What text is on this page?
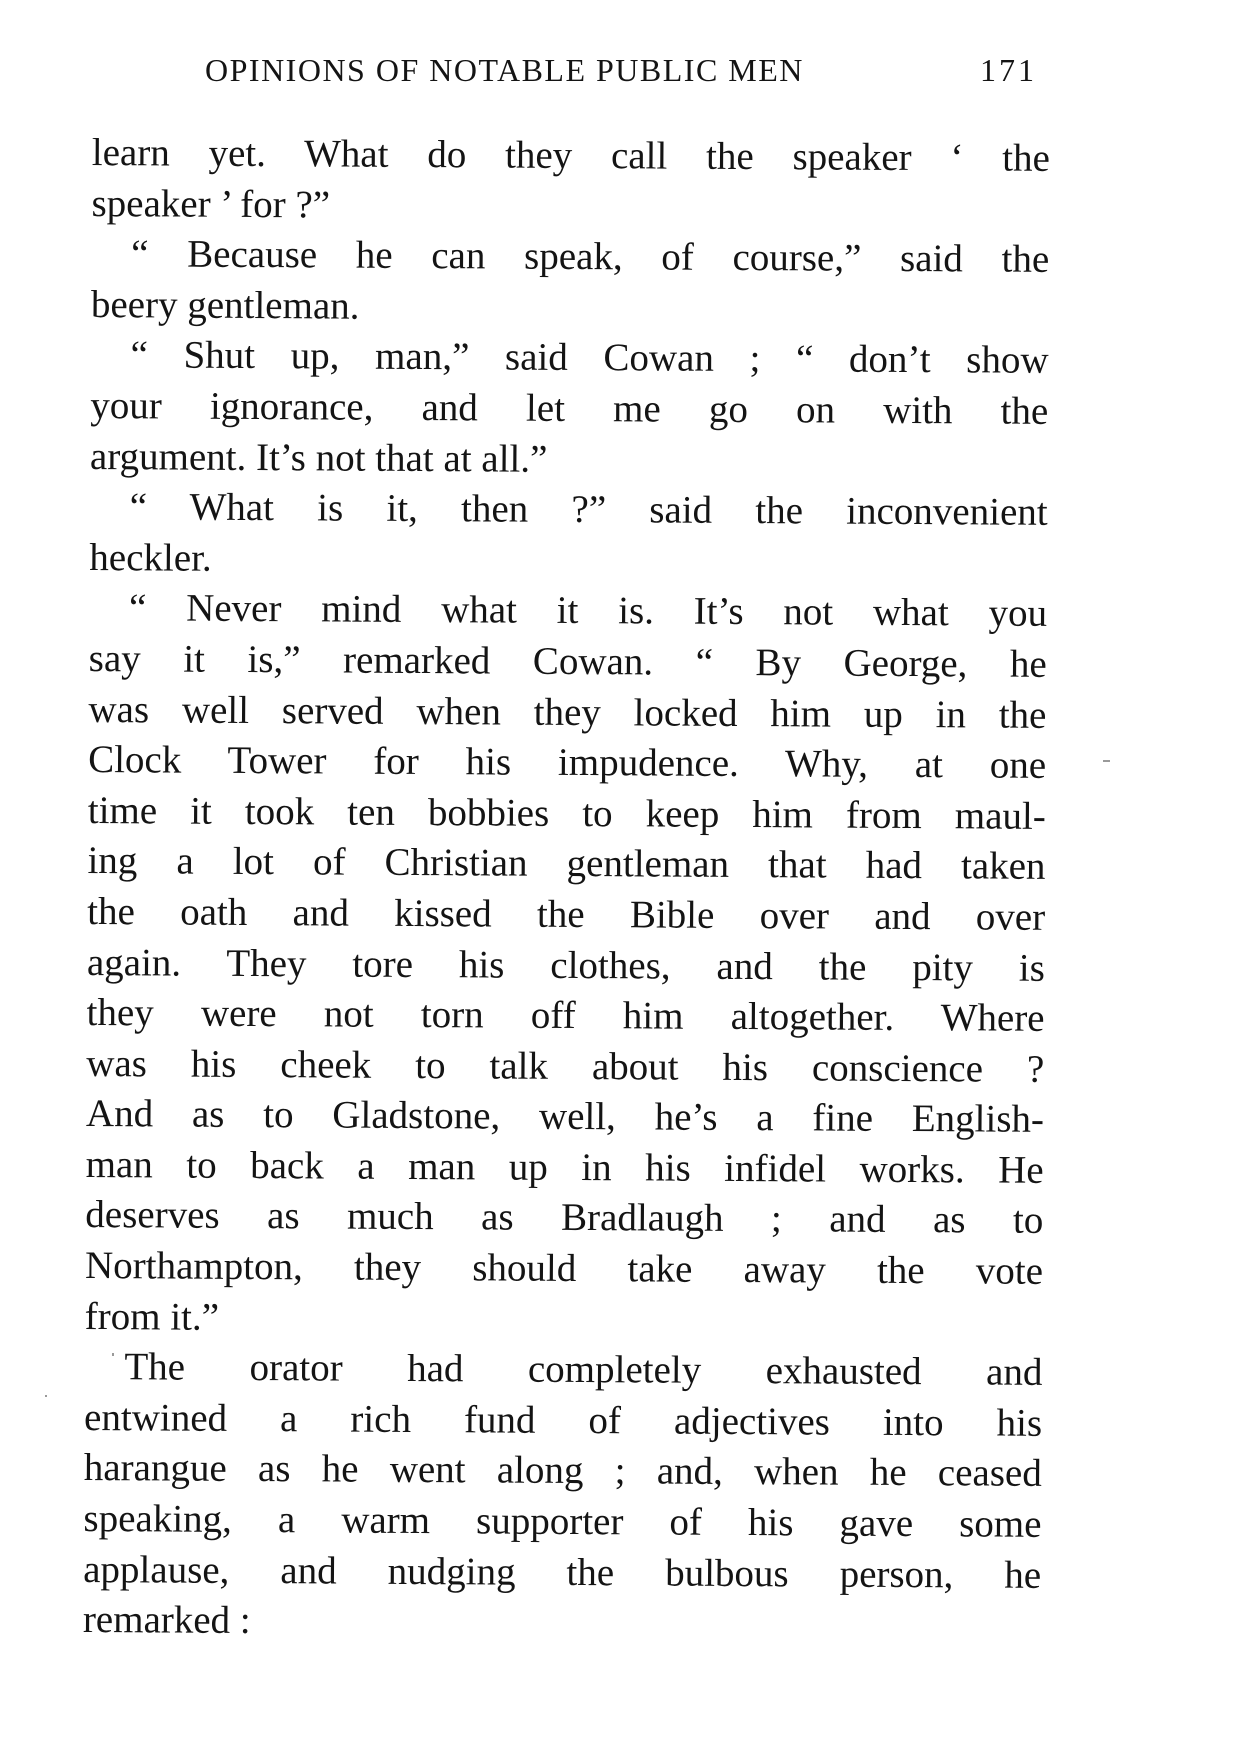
OPINIONS OF NOTABLE PUBLIC MEN	171
learn yet. What do they call the speaker ‘ the
speaker ’ for ?”
“ Because he can speak, of course,” said the
beery gentleman.
“ Shut up, man,” said Cowan ; “ don’t show
your ignorance, and let me go on with the
argument. It’s not that at all.”
“ What is it, then ?” said the inconvenient
heckler.
“ Never mind what it is. It’s not what you
say it is,” remarked Cowan. “ By George, he
was well served when they locked him up in the
Clock Tower for his impudence. Why, at one
time it took ten bobbies to keep him from maul-
ing a lot of Christian gentleman that had taken
the oath and kissed the Bible over and over
again. They tore his clothes, and the pity is
they were not torn off him altogether. Where
was his cheek to talk about his conscience ?
And as to Gladstone, well, he’s a fine English-
man to back a man up in his infidel works. He
deserves as much as Bradlaugh ; and as to
Northampton, they should take away the vote
from it.”
The orator had completely exhausted and
entwined a rich fund of adjectives into his
harangue as he went along ; and, when he ceased
speaking, a warm supporter of his gave some
applause, and nudging the bulbous person, he
remarked :
